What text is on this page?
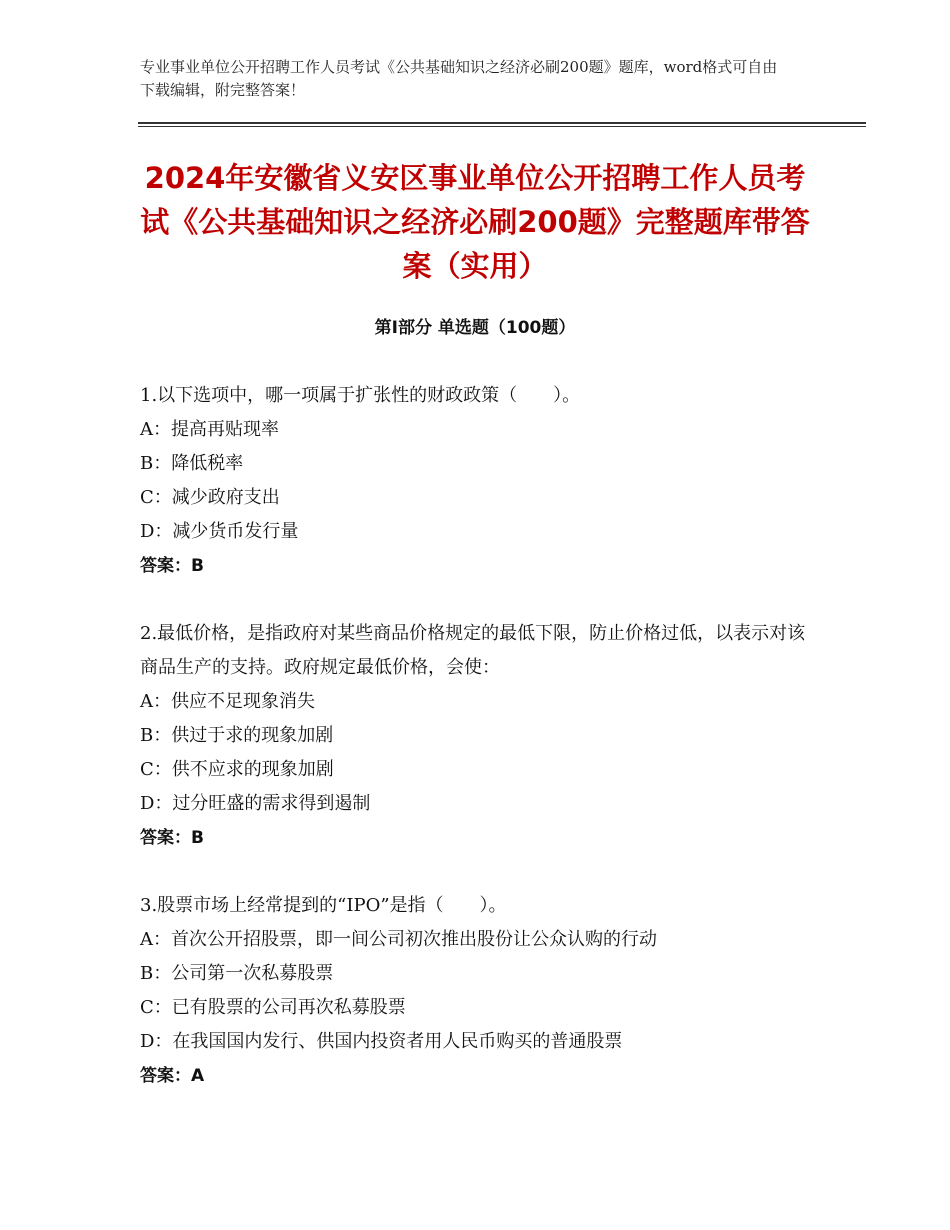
专业事业单位公开招聘工作人员考试《公共基础知识之经济必刷200题》题库，word格式可自由下载编辑，附完整答案！
2024年安徽省义安区事业单位公开招聘工作人员考试《公共基础知识之经济必刷200题》完整题库带答案（实用）
第Ⅰ部分 单选题（100题）

1.以下选项中，哪一项属于扩张性的财政政策（　　）。

A：提高再贴现率

B：降低税率

C：减少政府支出

D：减少货币发行量

答案：B

2.最低价格，是指政府对某些商品价格规定的最低下限，防止价格过低，以表示对该商品生产的支持。政府规定最低价格，会使：

A：供应不足现象消失

B：供过于求的现象加剧

C：供不应求的现象加剧

D：过分旺盛的需求得到遏制

答案：B

3.股票市场上经常提到的“IPO”是指（　　）。

A：首次公开招股票，即一间公司初次推出股份让公众认购的行动

B：公司第一次私募股票

C：已有股票的公司再次私募股票

D：在我国国内发行、供国内投资者用人民币购买的普通股票

答案：A
